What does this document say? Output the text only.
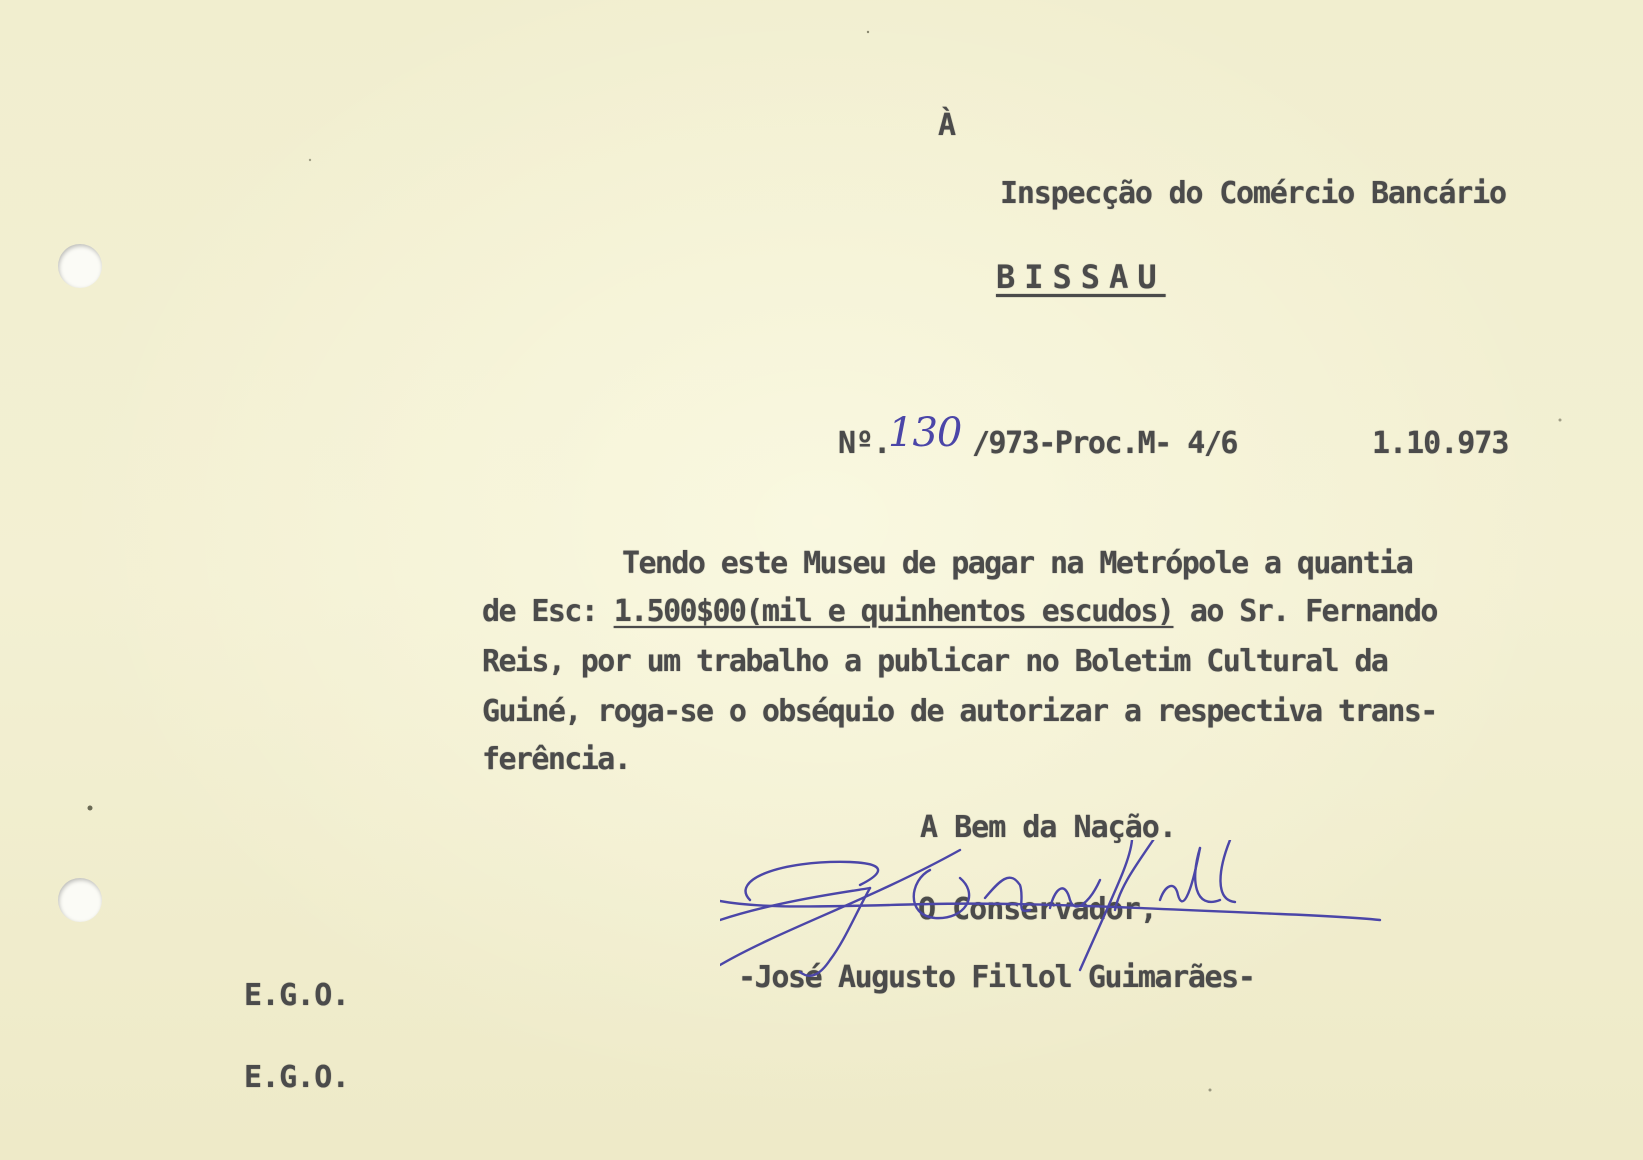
À
Inspecção do Comércio Bancário
BISSAU
Nº.
130 /973-Proc.M- 4/6	1.10.973
Tendo este Museu de pagar na Metrópole a quantia
de Esc: 1.500$00(mil e quinhentos escudos) ao Sr. Fernando
Reis, por um trabalho a publicar no Boletim Cultural da
Guiné, roga-se o obséquio de autorizar a respectiva trans-
ferência.
A Bem da Nação.
O Conservador,
-José Augusto Fillol Guimarães-
E.G.O.
E.G.O.
